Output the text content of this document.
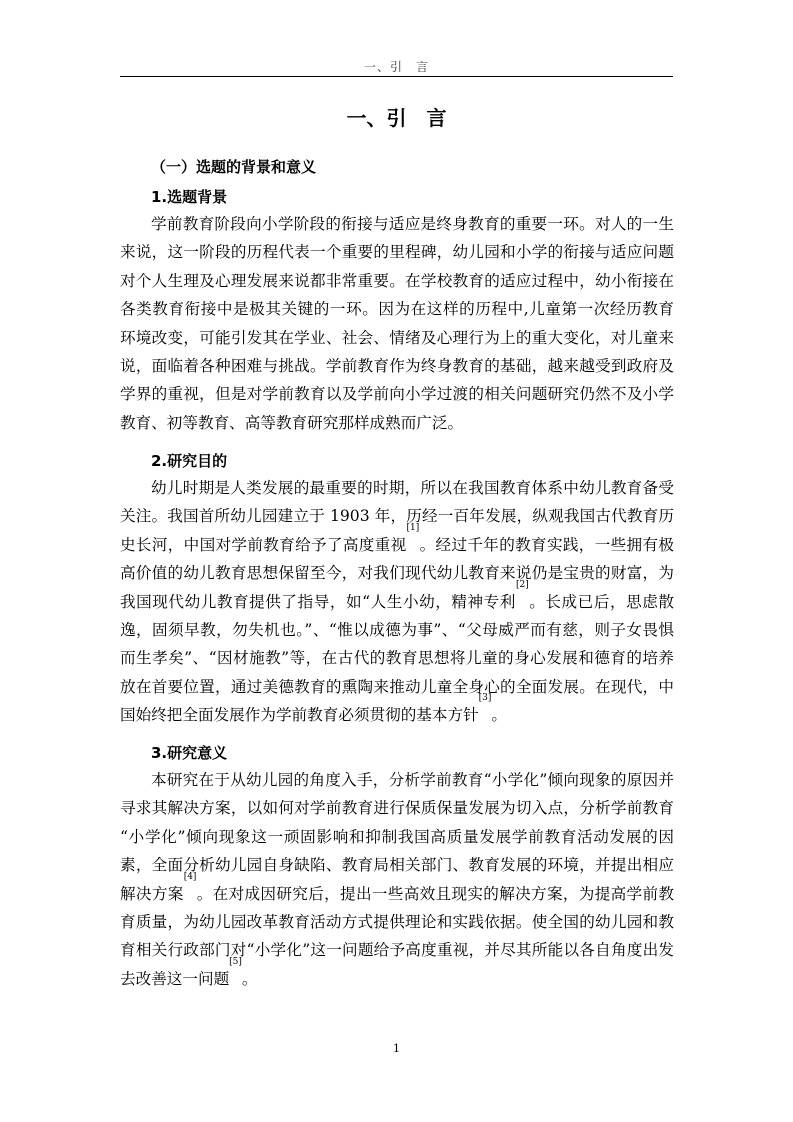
一、引　言
一、引　言
（一）选题的背景和意义
1.选题背景
学前教育阶段向小学阶段的衔接与适应是终身教育的重要一环。对人的一生
来说，这一阶段的历程代表一个重要的里程碑，幼儿园和小学的衔接与适应问题
对个人生理及心理发展来说都非常重要。在学校教育的适应过程中，幼小衔接在
各类教育衔接中是极其关键的一环。因为在这样的历程中,儿童第一次经历教育
环境改变，可能引发其在学业、社会、情绪及心理行为上的重大变化，对儿童来
说，面临着各种困难与挑战。学前教育作为终身教育的基础，越来越受到政府及
学界的重视，但是对学前教育以及学前向小学过渡的相关问题研究仍然不及小学
教育、初等教育、高等教育研究那样成熟而广泛。
2.研究目的
幼儿时期是人类发展的最重要的时期，所以在我国教育体系中幼儿教育备受
关注。我国首所幼儿园建立于 1903 年，历经一百年发展，纵观我国古代教育历
史长河，中国对学前教育给予了高度重视[1]。经过千年的教育实践，一些拥有极
高价值的幼儿教育思想保留至今，对我们现代幼儿教育来说仍是宝贵的财富，为
我国现代幼儿教育提供了指导，如“人生小幼，精神专利[2]。长成已后，思虑散
逸，固须早教，勿失机也。”、“惟以成德为事”、“父母威严而有慈，则子女畏惧
而生孝矣”、“因材施教”等，在古代的教育思想将儿童的身心发展和德育的培养
放在首要位置，通过美德教育的熏陶来推动儿童全身心的全面发展。在现代，中
国始终把全面发展作为学前教育必须贯彻的基本方针[3]。
3.研究意义
本研究在于从幼儿园的角度入手，分析学前教育“小学化”倾向现象的原因并
寻求其解决方案，以如何对学前教育进行保质保量发展为切入点，分析学前教育
“小学化”倾向现象这一顽固影响和抑制我国高质量发展学前教育活动发展的因
素，全面分析幼儿园自身缺陷、教育局相关部门、教育发展的环境，并提出相应
解决方案[4]。在对成因研究后，提出一些高效且现实的解决方案，为提高学前教
育质量，为幼儿园改革教育活动方式提供理论和实践依据。使全国的幼儿园和教
育相关行政部门对“小学化”这一问题给予高度重视，并尽其所能以各自角度出发
去改善这一问题[5]。
1
